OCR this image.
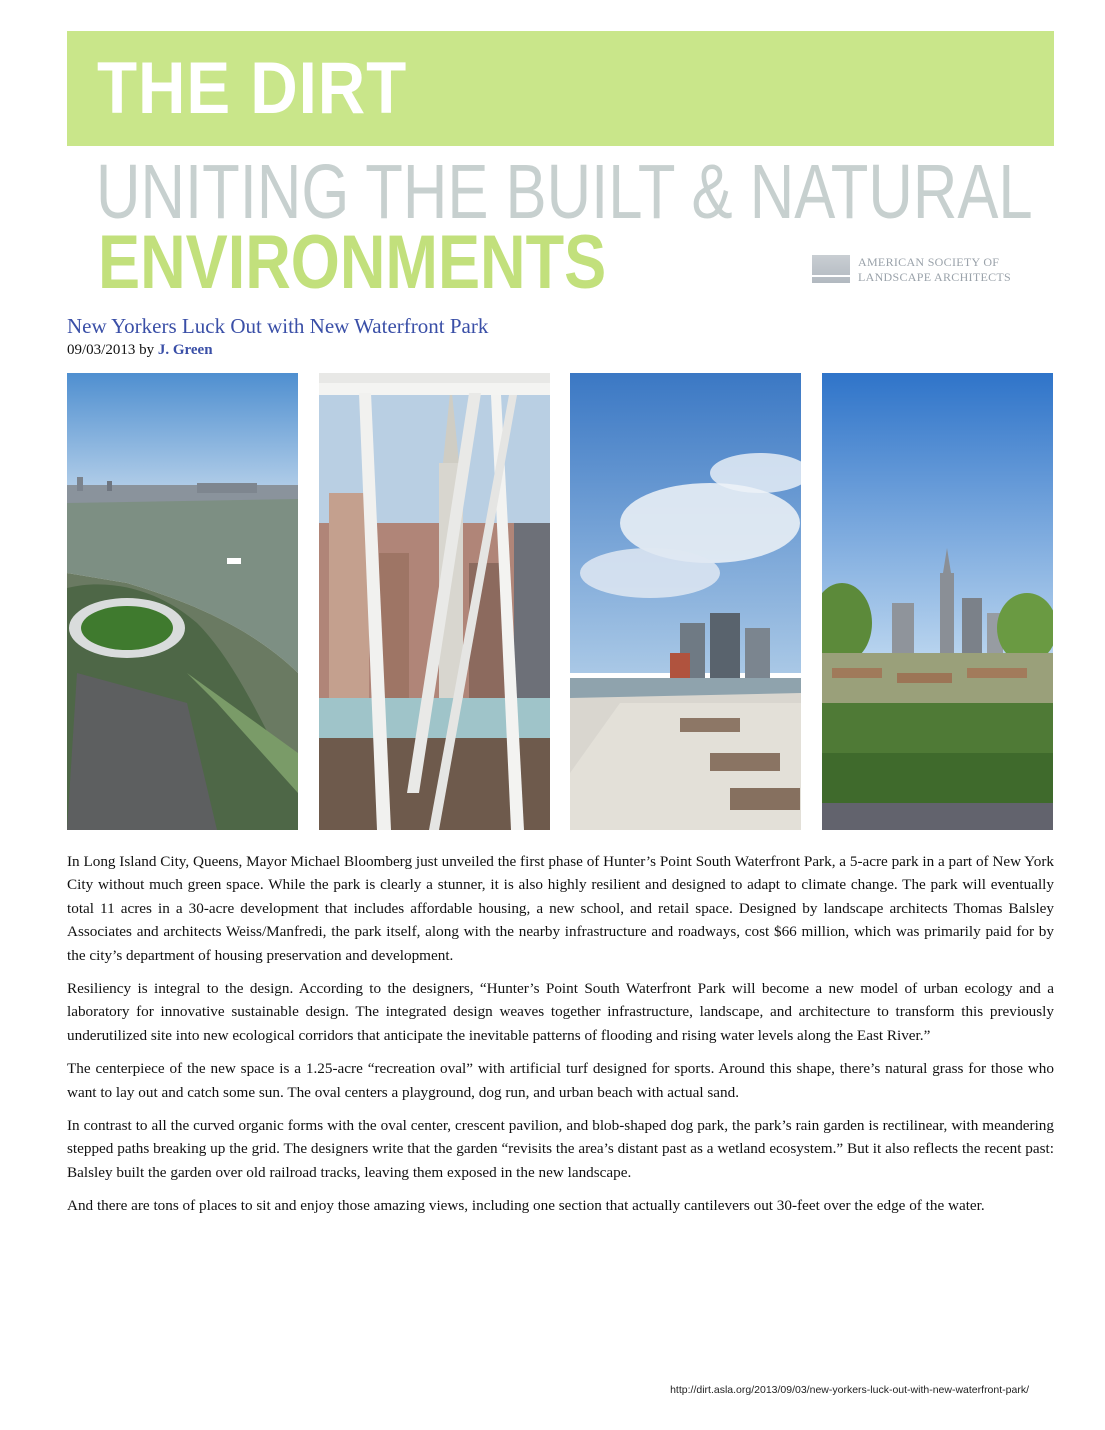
THE DIRT
UNITING THE BUILT & NATURAL
ENVIRONMENTS	AMERICAN SOCIETY OF
LANDSCAPE ARCHITECTS
New Yorkers Luck Out with New Waterfront Park
09/03/2013 by J. Green

In Long Island City, Queens, Mayor Michael Bloomberg just unveiled the first phase of Hunter’s Point South Waterfront Park, a 5-acre park in a part of New York City without much green space. While the park is clearly a stunner, it is also highly resilient and designed to adapt to climate change. The park will eventually total 11 acres in a 30-acre development that includes affordable housing, a new school, and retail space. Designed by landscape architects Thomas Balsley Associates and architects Weiss/Manfredi, the park itself, along with the nearby infrastructure and roadways, cost $66 million, which was primarily paid for by the city’s department of housing preservation and development.

Resiliency is integral to the design. According to the designers, “Hunter’s Point South Waterfront Park will become a new model of urban ecology and a laboratory for innovative sustainable design. The integrated design weaves together infrastructure, landscape, and architecture to transform this previously underutilized site into new ecological corridors that anticipate the inevitable patterns of flooding and rising water levels along the East River.”

The centerpiece of the new space is a 1.25-acre “recreation oval” with artificial turf designed for sports. Around this shape, there’s natural grass for those who want to lay out and catch some sun. The oval centers a playground, dog run, and urban beach with actual sand.

In contrast to all the curved organic forms with the oval center, crescent pavilion, and blob-shaped dog park, the park’s rain garden is rectilinear, with meandering stepped paths breaking up the grid. The designers write that the garden “revisits the area’s distant past as a wetland ecosystem.” But it also reflects the recent past: Balsley built the garden over old railroad tracks, leaving them exposed in the new landscape.

And there are tons of places to sit and enjoy those amazing views, including one section that actually cantilevers out 30-feet over the edge of the water.

http://dirt.asla.org/2013/09/03/new-yorkers-luck-out-with-new-waterfront-park/
